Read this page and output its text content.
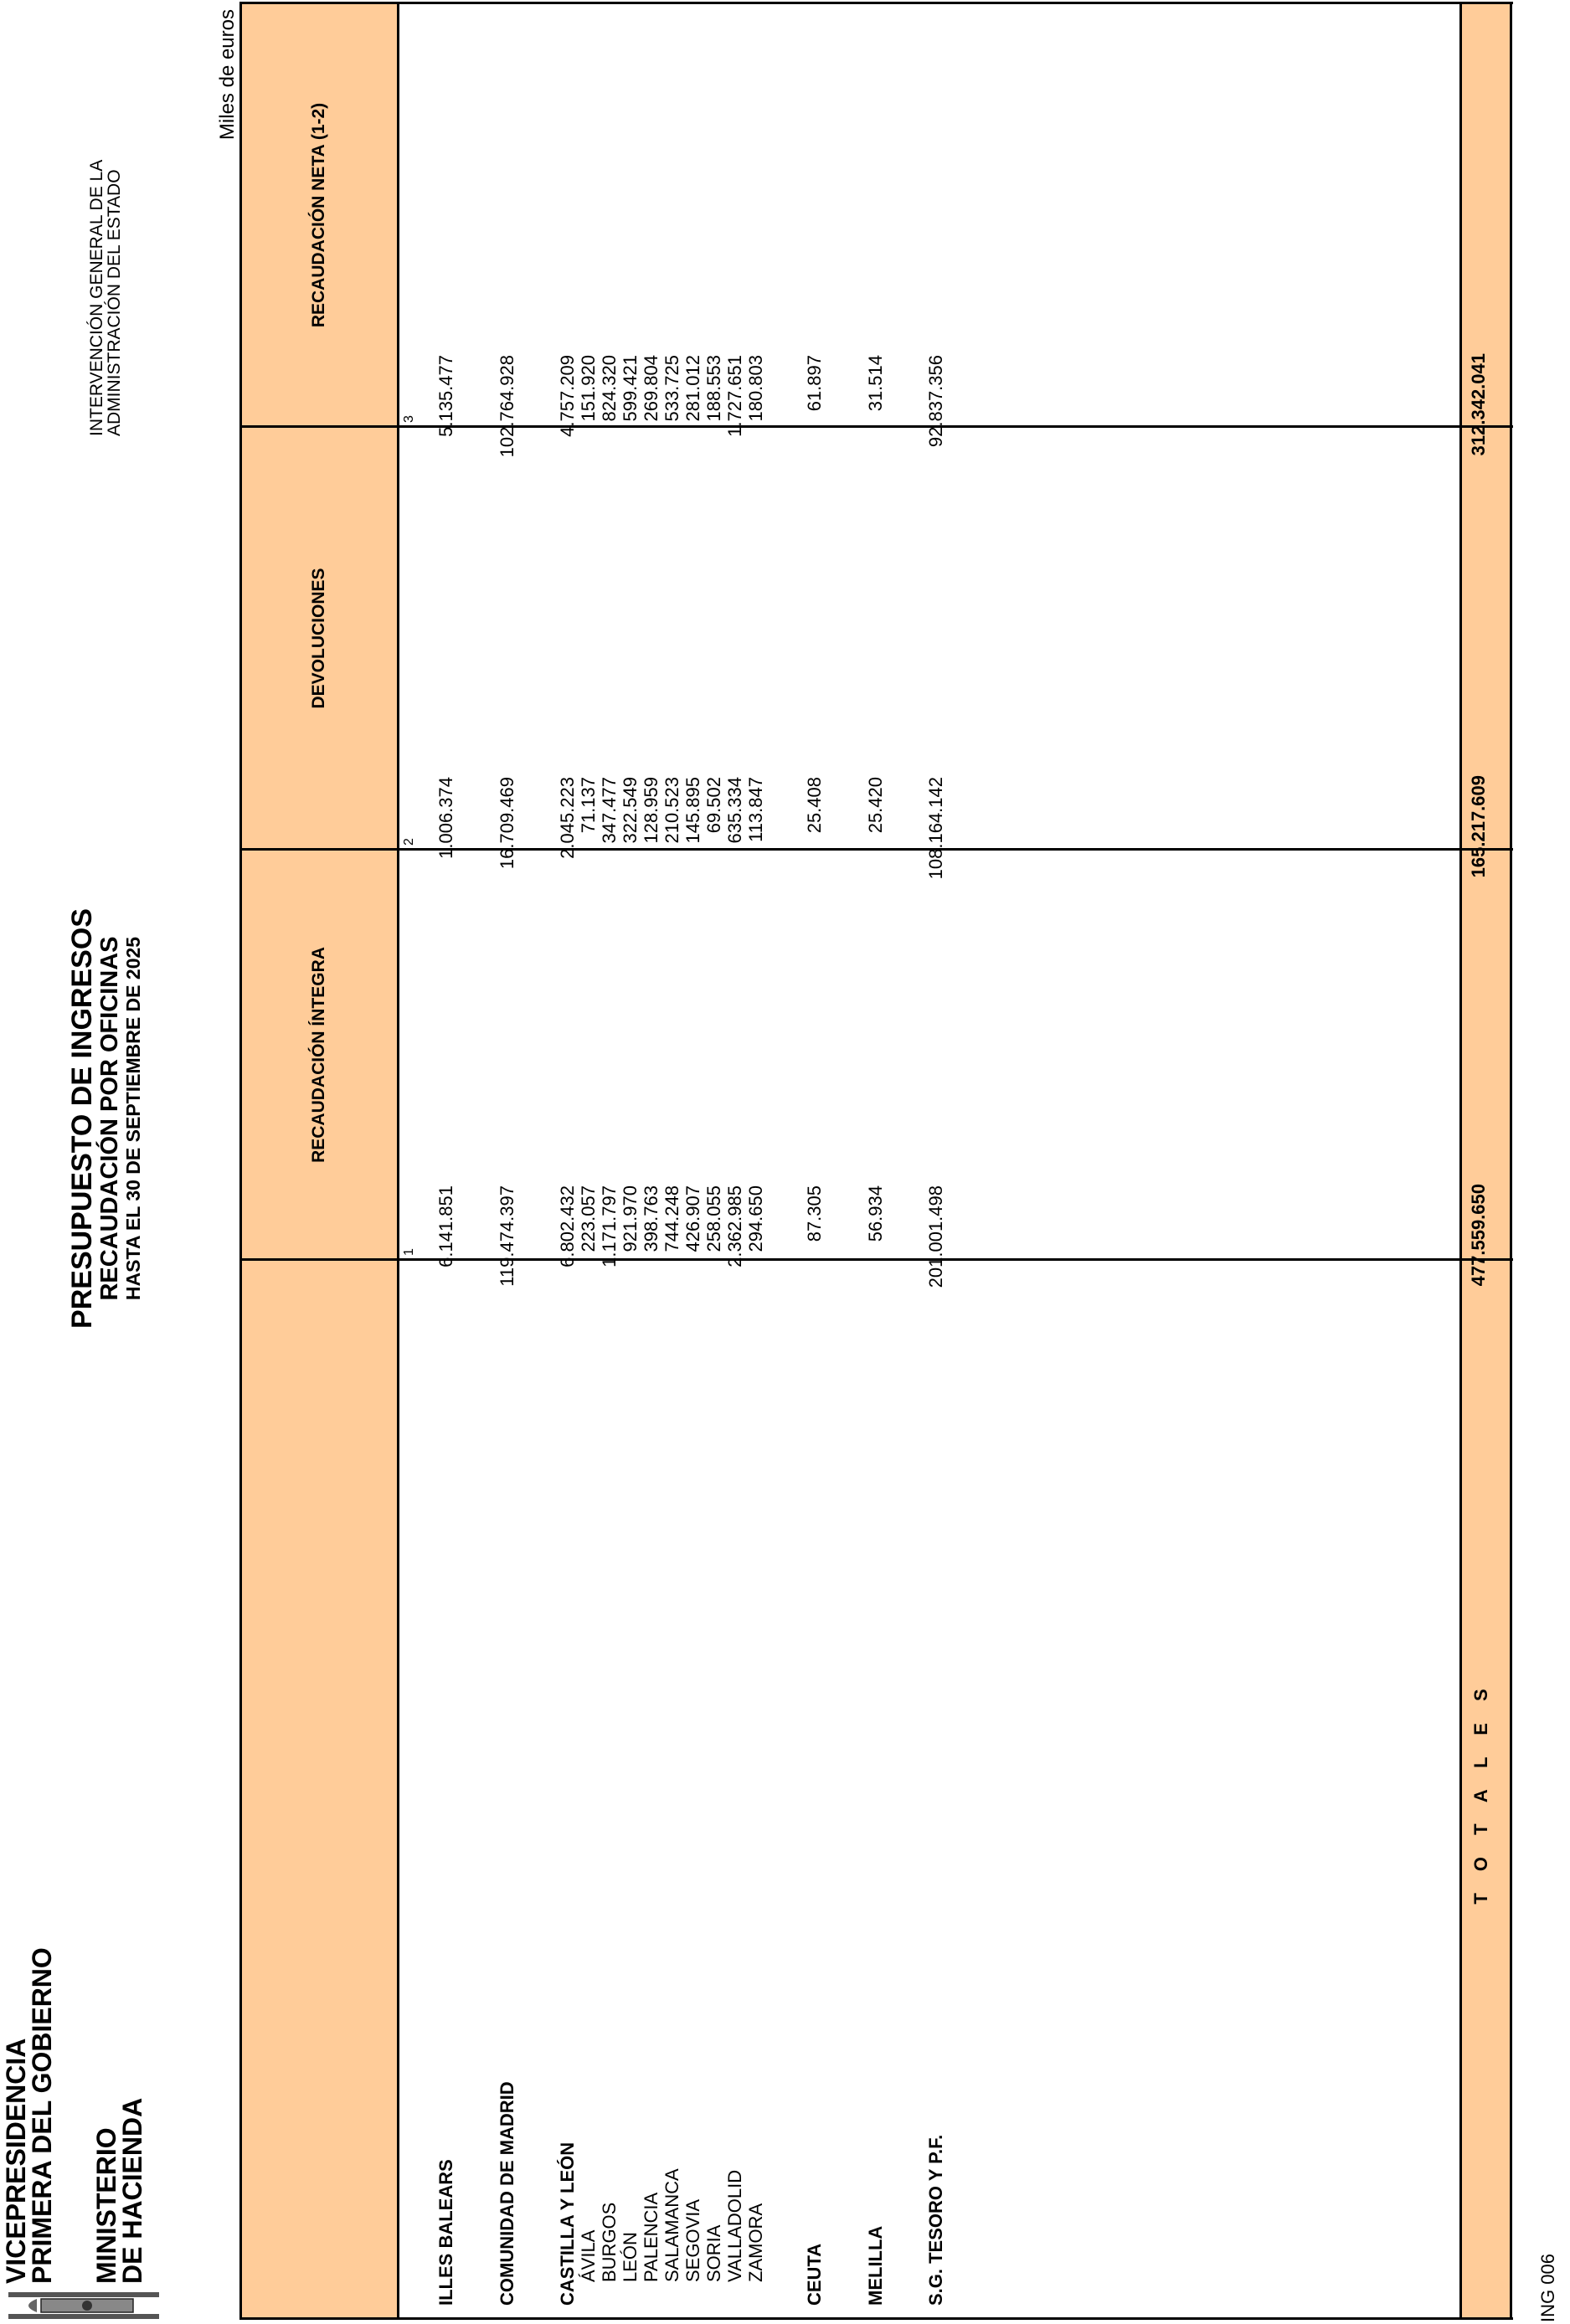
VICEPRESIDENCIA
PRIMERA DEL GOBIERNO MINISTERIO
DE HACIENDA
PRESUPUESTO DE INGRESOS
RECAUDACIÓN POR OFICINAS HASTA EL 30 DE SEPTIEMBRE DE 2025
INTERVENCIÓN GENERAL DE LA
ADMINISTRACIÓN DEL ESTADO
Miles de euros
RECAUDACIÓN ÍNTEGRA
DEVOLUCIONES
RECAUDACIÓN NETA (1-2)
1
2
3
ILLES BALEARS
6.141.851
1.006.374
5.135.477
COMUNIDAD DE MADRID
119.474.397
16.709.469
102.764.928
CASTILLA Y LEÓN
6.802.432
2.045.223
4.757.209
ÁVILA
223.057
71.137
151.920
BURGOS
1.171.797
347.477
824.320
LEÓN
921.970
322.549
599.421
PALENCIA
398.763
128.959
269.804
SALAMANCA
744.248
210.523
533.725
SEGOVIA
426.907
145.895
281.012
SORIA
258.055
69.502
188.553
VALLADOLID
2.362.985
635.334
1.727.651
ZAMORA
294.650
113.847
180.803
CEUTA
87.305
25.408
61.897
MELILLA
56.934
25.420
31.514
S.G. TESORO Y P.F.
201.001.498
108.164.142
92.837.356
T O T A L E S
477.559.650
165.217.609
312.342.041
ING 006
